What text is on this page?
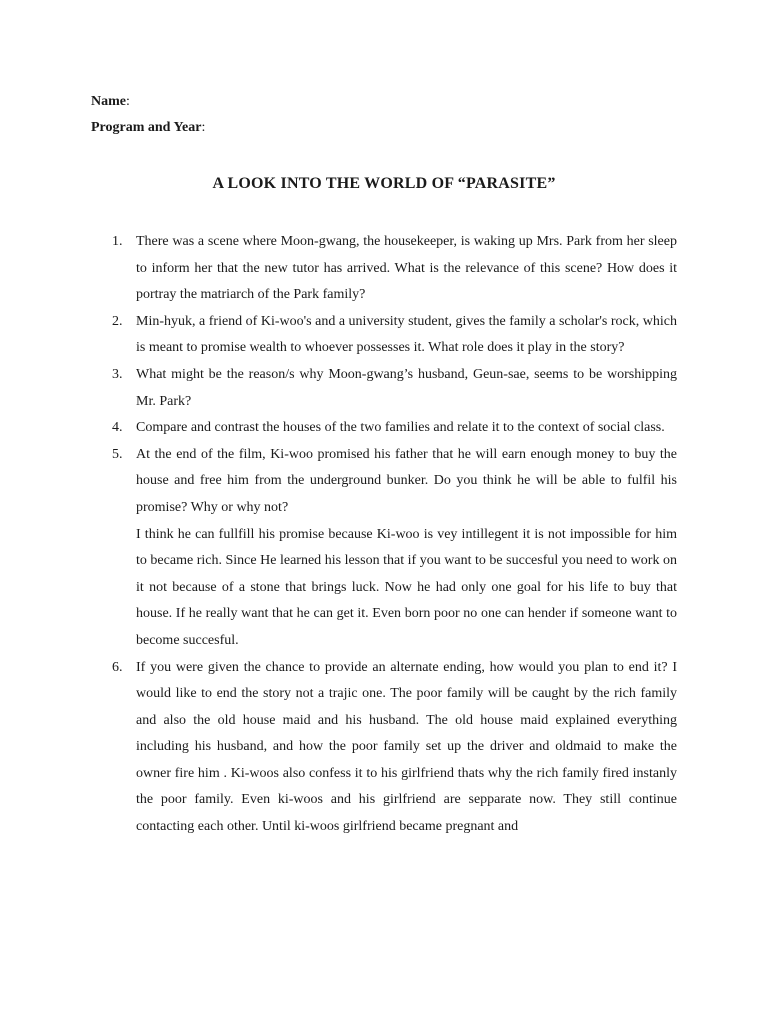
Name:
Program and Year:
A LOOK INTO THE WORLD OF “PARASITE”
1. There was a scene where Moon-gwang, the housekeeper, is waking up Mrs. Park from her sleep to inform her that the new tutor has arrived. What is the relevance of this scene? How does it portray the matriarch of the Park family?

2. Min-hyuk, a friend of Ki-woo's and a university student, gives the family a scholar's rock, which is meant to promise wealth to whoever possesses it. What role does it play in the story?

3. What might be the reason/s why Moon-gwang’s husband, Geun-sae, seems to be worshipping Mr. Park?

4. Compare and contrast the houses of the two families and relate it to the context of social class.

5. At the end of the film, Ki-woo promised his father that he will earn enough money to buy the house and free him from the underground bunker. Do you think he will be able to fulfil his promise? Why or why not?

I think he can fullfill his promise because Ki-woo is vey intillegent it is not impossible for him to became rich. Since He learned his lesson that if you want to be succesful you need to work on it not because of a stone that brings luck. Now he had only one goal for his life to buy that house. If he really want that he can get it. Even born poor no one can hender if someone want to become succesful.

6. If you were given the chance to provide an alternate ending, how would you plan to end it? I would like to end the story not a trajic one. The poor family will be caught by the rich family and also the old house maid and his husband. The old house maid explained everything including his husband, and how the poor family set up the driver and oldmaid to make the owner fire him . Ki-woos also confess it to his girlfriend thats why the rich family fired instanly the poor family. Even ki-woos and his girlfriend are sepparate now. They still continue contacting each other. Until ki-woos girlfriend became pregnant and
